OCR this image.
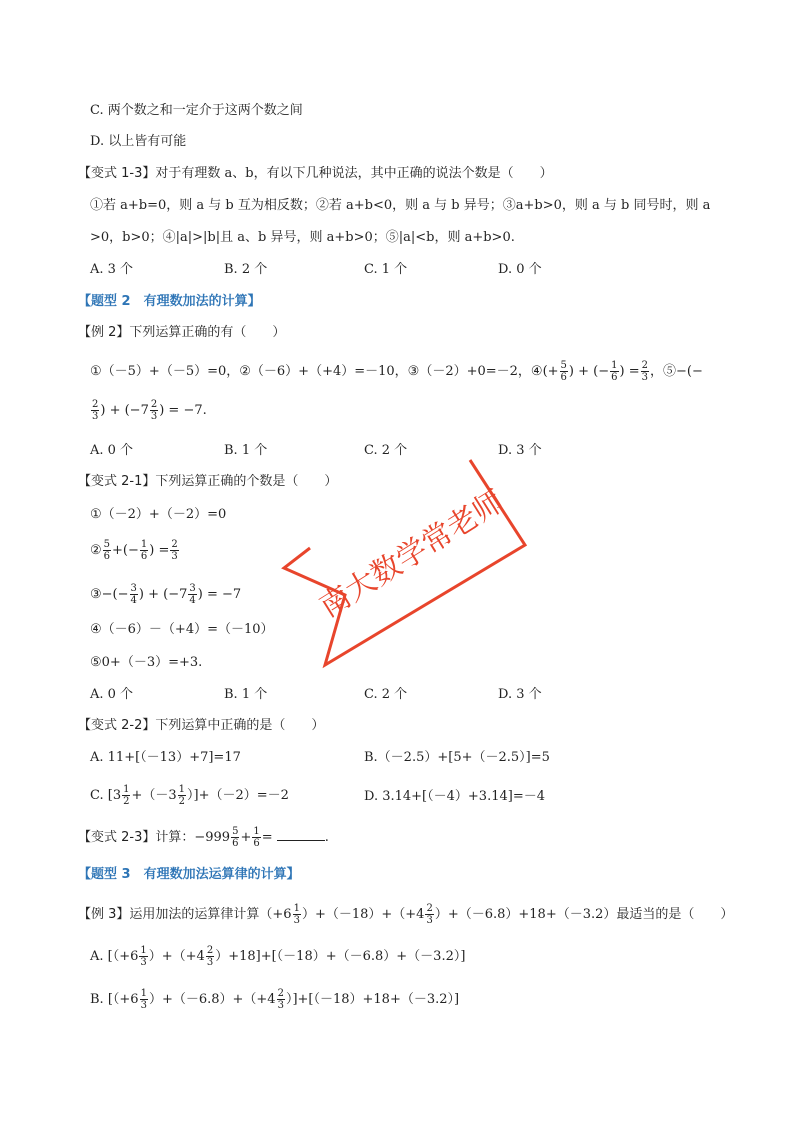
C. 两个数之和一定介于这两个数之间
D. 以上皆有可能
【变式 1-3】对于有理数 a、b，有以下几种说法，其中正确的说法个数是（　　）
①若 a+b=0，则 a 与 b 互为相反数；②若 a+b<0，则 a 与 b 异号；③a+b>0，则 a 与 b 同号时，则 a
>0，b>0；④|a|>|b|且 a、b 异号，则 a+b>0；⑤|a|<b，则 a+b>0.
A. 3 个	B. 2 个	C. 1 个	D. 0 个
【题型 2　有理数加法的计算】
【例 2】下列运算正确的有（　　）
①（－5）+（－5）=0，②（－6）+（+4）=－10，③（－2）+0=－2，④(+ $\frac{5}{6}$ ) + (− $\frac{1}{6}$ ) = $\frac{2}{3}$ ，⑤−(−
$\frac{2}{3}$ ) + ($-7 \frac{2}{3}$ ) = −7.
A. 0 个	B. 1 个	C. 2 个	D. 3 个
【变式 2-1】下列运算正确的个数是（　　）
①（－2）+（－2）=0
② $\frac{5}{6}$ +(− $\frac{1}{6}$ ) = $\frac{2}{3}$
③−(− $\frac{3}{4}$ ) + ($-7 \frac{3}{4}$ ) = −7
④（－6）－（+4）=（－10）
⑤0+（－3）=+3.
A. 0 个	B. 1 个	C. 2 个	D. 3 个
【变式 2-2】下列运算中正确的是（　　）
A. 11+[（－13）+7]=17	B.（－2.5）+[5+（－2.5）]=5
C. $[3 \frac{1}{2} +(-3 \frac{1}{2} )]+(-2)=-2$	D. 3.14+[（－4）+3.14]=－4
【变式 2-3】计算：$-999 \frac{5}{6} + \frac{1}{6}$ =	.
【题型 3　有理数加法运算律的计算】
【例 3】运用加法的运算律计算$(+6 \frac{1}{3} )+(-18)+(+4 \frac{2}{3} )+(-6.8)+18+(-3.2)$最适当的是（　　）
A. $[(+6 \frac{1}{3} )+(+4 \frac{2}{3} )+18]+[(-18)+(-6.8)+(-3.2)]$
B. $[(+6 \frac{1}{3} )+(-6.8)+(+4 \frac{2}{3} )]+[(-18)+18+(-3.2)]$
南大数学常老师
